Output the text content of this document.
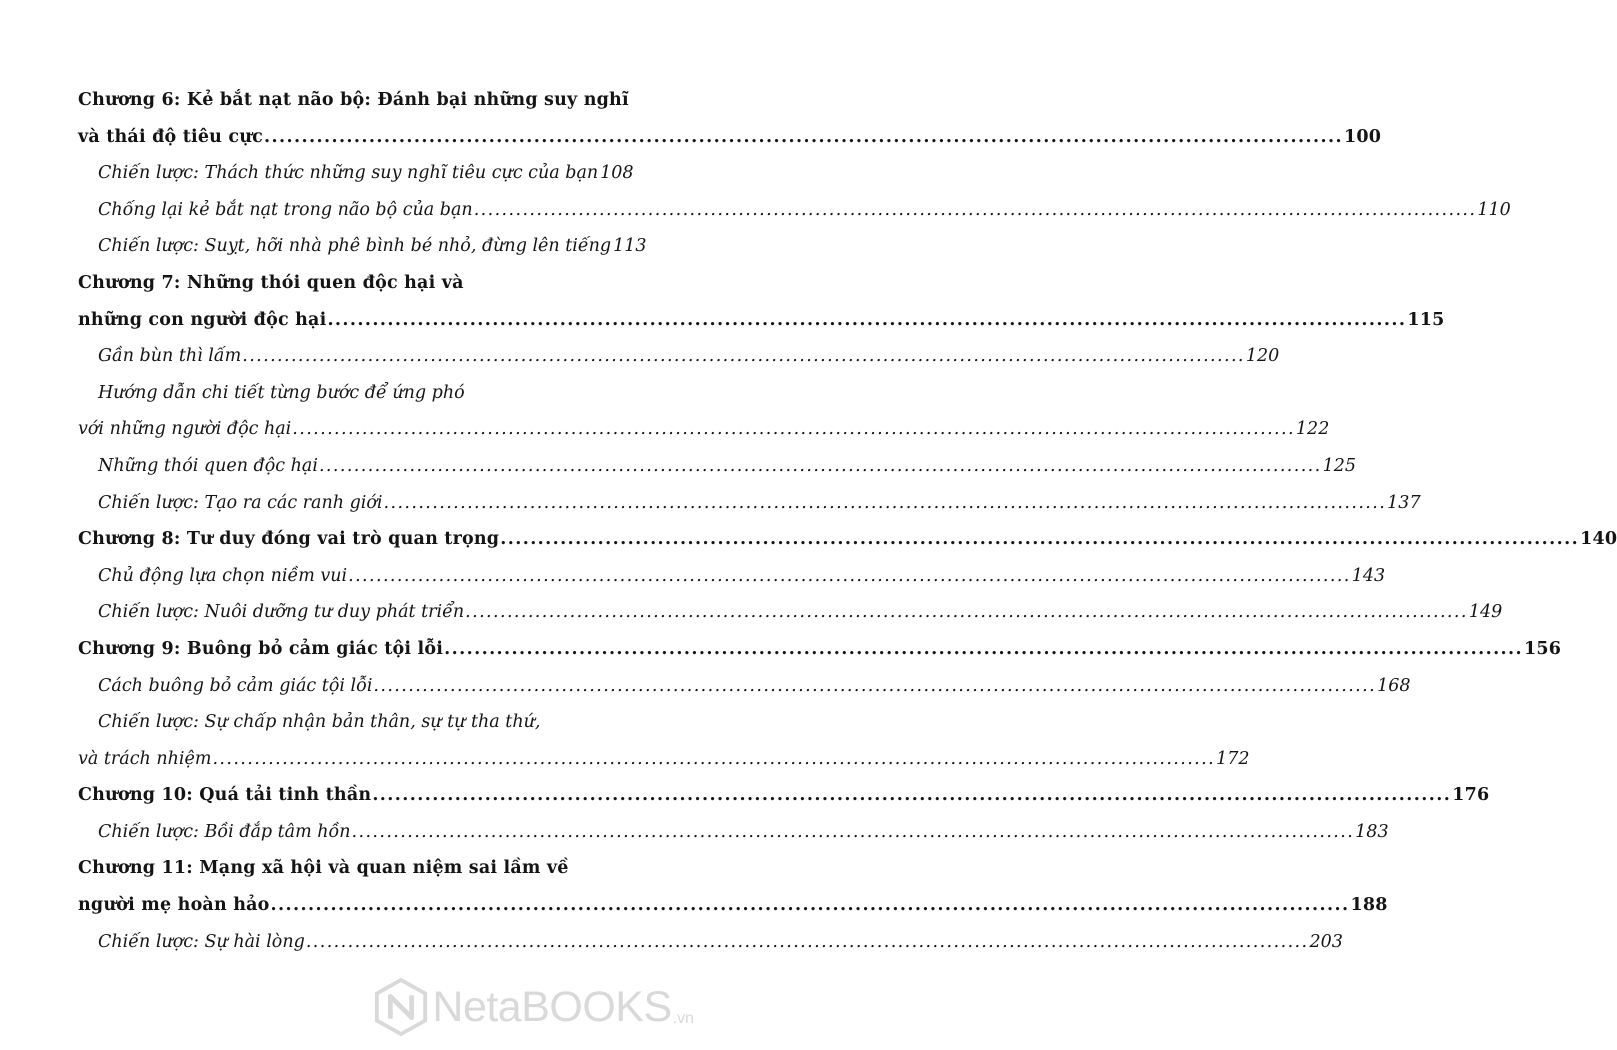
Chương 6: Kẻ bắt nạt não bộ: Đánh bại những suy nghĩ
và thái độ tiêu cực ................................................................................................................................................ 100
Chiến lược: Thách thức những suy nghĩ tiêu cực của bạn 108
Chống lại kẻ bắt nạt trong não bộ của bạn ................................................................................................................................................ 110
Chiến lược: Suỵt, hỡi nhà phê bình bé nhỏ, đừng lên tiếng 113
Chương 7: Những thói quen độc hại và
những con người độc hại ................................................................................................................................................ 115
Gần bùn thì lấm ................................................................................................................................................ 120
Hướng dẫn chi tiết từng bước để ứng phó
với những người độc hại ................................................................................................................................................ 122
Những thói quen độc hại ................................................................................................................................................ 125
Chiến lược: Tạo ra các ranh giới ................................................................................................................................................ 137
Chương 8: Tư duy đóng vai trò quan trọng ................................................................................................................................................ 140
Chủ động lựa chọn niềm vui ................................................................................................................................................ 143
Chiến lược: Nuôi dưỡng tư duy phát triển ................................................................................................................................................ 149
Chương 9: Buông bỏ cảm giác tội lỗi ................................................................................................................................................ 156
Cách buông bỏ cảm giác tội lỗi ................................................................................................................................................ 168
Chiến lược: Sự chấp nhận bản thân, sự tự tha thứ,
và trách nhiệm ................................................................................................................................................ 172
Chương 10: Quá tải tinh thần ................................................................................................................................................ 176
Chiến lược: Bồi đắp tâm hồn ................................................................................................................................................ 183
Chương 11: Mạng xã hội và quan niệm sai lầm về
người mẹ hoàn hảo ................................................................................................................................................ 188
Chiến lược: Sự hài lòng ................................................................................................................................................ 203
NetaBOOKS .vn
